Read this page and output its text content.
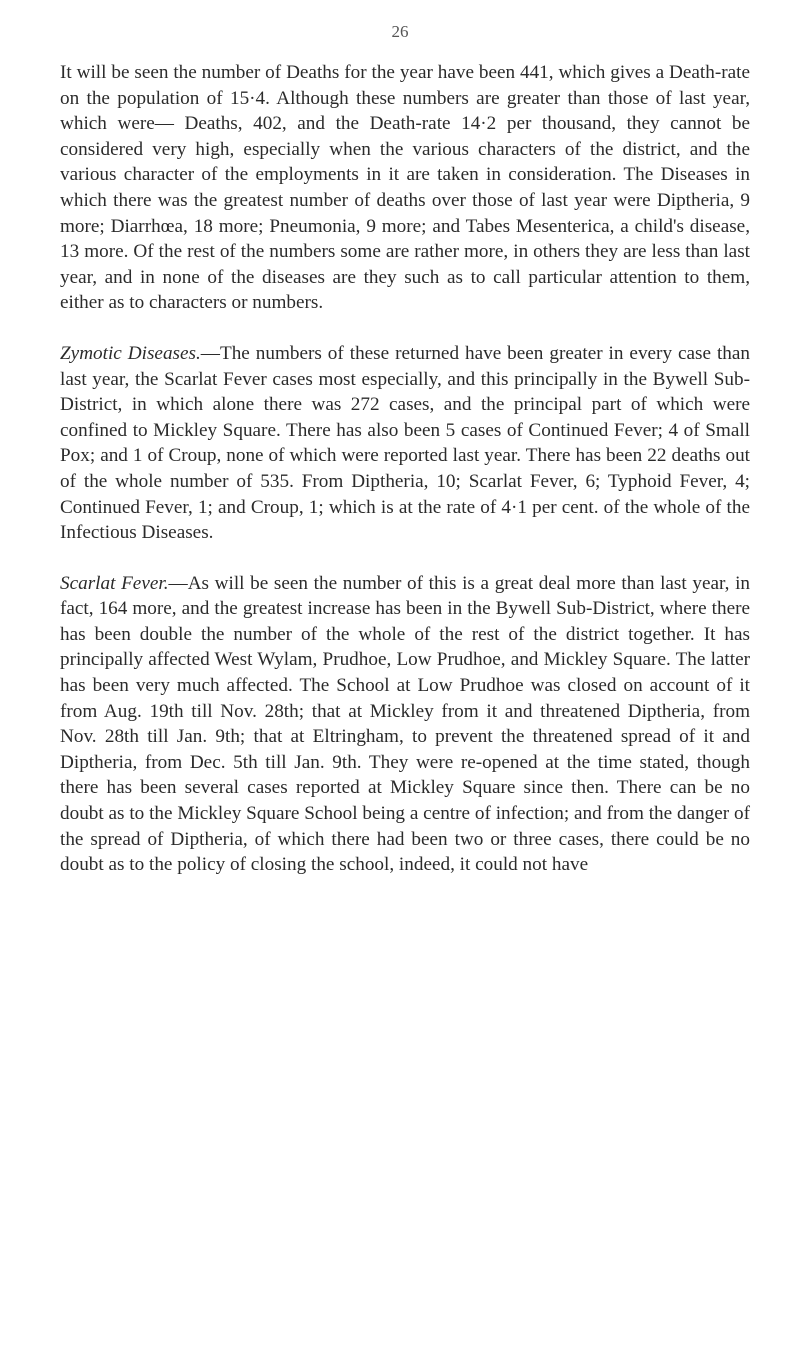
26

It will be seen the number of Deaths for the year have been 441, which gives a Death-rate on the population of 15·4. Although these numbers are greater than those of last year, which were— Deaths, 402, and the Death-rate 14·2 per thousand, they cannot be considered very high, especially when the various characters of the district, and the various character of the employments in it are taken in consideration. The Diseases in which there was the greatest number of deaths over those of last year were Diptheria, 9 more; Diarrhœa, 18 more; Pneumonia, 9 more; and Tabes Mesenterica, a child's disease, 13 more. Of the rest of the numbers some are rather more, in others they are less than last year, and in none of the diseases are they such as to call particular attention to them, either as to characters or numbers.

Zymotic Diseases.—The numbers of these returned have been greater in every case than last year, the Scarlat Fever cases most especially, and this principally in the Bywell Sub-District, in which alone there was 272 cases, and the principal part of which were confined to Mickley Square. There has also been 5 cases of Continued Fever; 4 of Small Pox; and 1 of Croup, none of which were reported last year. There has been 22 deaths out of the whole number of 535. From Diptheria, 10; Scarlat Fever, 6; Typhoid Fever, 4; Continued Fever, 1; and Croup, 1; which is at the rate of 4·1 per cent. of the whole of the Infectious Diseases.

Scarlat Fever.—As will be seen the number of this is a great deal more than last year, in fact, 164 more, and the greatest increase has been in the Bywell Sub-District, where there has been double the number of the whole of the rest of the district together. It has principally affected West Wylam, Prudhoe, Low Prudhoe, and Mickley Square. The latter has been very much affected. The School at Low Prudhoe was closed on account of it from Aug. 19th till Nov. 28th; that at Mickley from it and threatened Diptheria, from Nov. 28th till Jan. 9th; that at Eltringham, to prevent the threatened spread of it and Diptheria, from Dec. 5th till Jan. 9th. They were re-opened at the time stated, though there has been several cases reported at Mickley Square since then. There can be no doubt as to the Mickley Square School being a centre of infection; and from the danger of the spread of Diptheria, of which there had been two or three cases, there could be no doubt as to the policy of closing the school, indeed, it could not have
